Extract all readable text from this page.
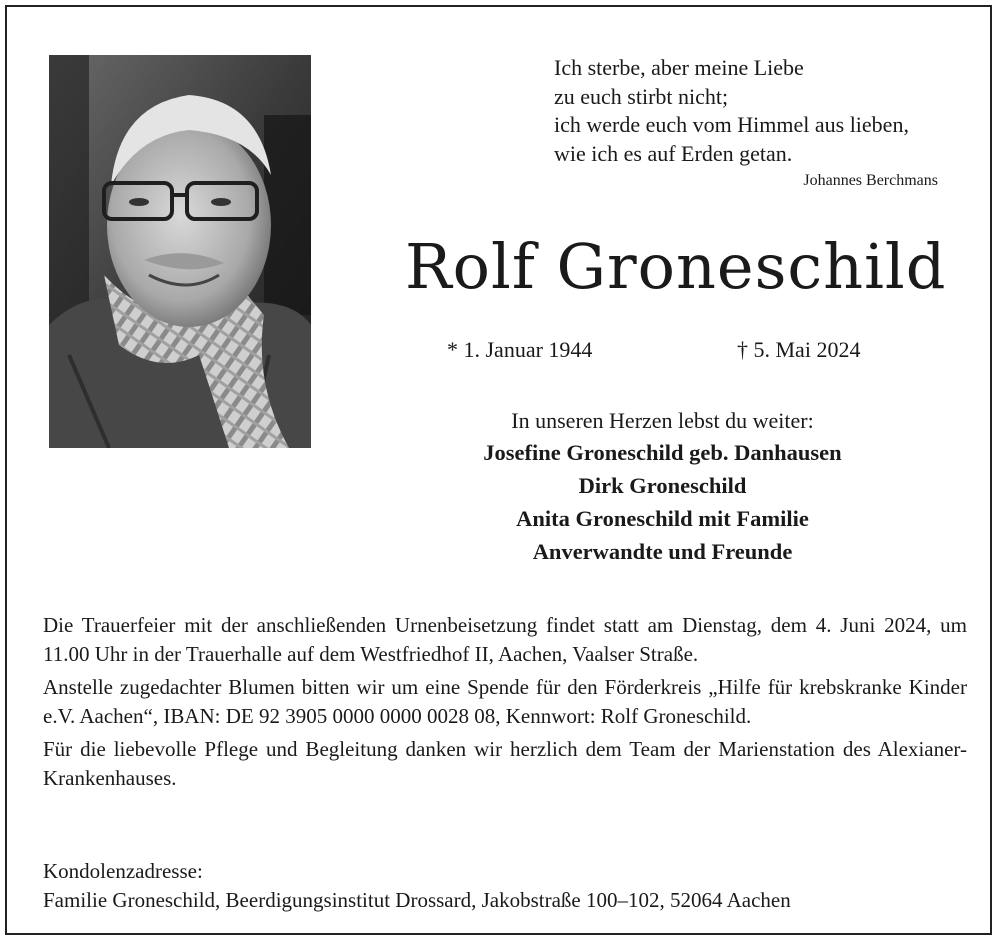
Ich sterbe, aber meine Liebe
zu euch stirbt nicht;
ich werde euch vom Himmel aus lieben,
wie ich es auf Erden getan.
Johannes Berchmans
Rolf Groneschild
* 1. Januar 1944	† 5. Mai 2024
In unseren Herzen lebst du weiter:
Josefine Groneschild geb. Danhausen
Dirk Groneschild
Anita Groneschild mit Familie
Anverwandte und Freunde

Die Trauerfeier mit der anschließenden Urnenbeisetzung findet statt am Dienstag, dem 4. Juni 2024, um 11.00 Uhr in der Trauerhalle auf dem Westfriedhof II, Aachen, Vaalser Straße.

Anstelle zugedachter Blumen bitten wir um eine Spende für den Förderkreis „Hilfe für krebskranke Kinder e.V. Aachen“, IBAN: DE 92 3905 0000 0000 0028 08, Kennwort: Rolf Groneschild.

Für die liebevolle Pflege und Begleitung danken wir herzlich dem Team der Marienstation des Alexianer-Krankenhauses.

Kondolenzadresse:
Familie Groneschild, Beerdigungsinstitut Drossard, Jakobstraße 100–102, 52064 Aachen
